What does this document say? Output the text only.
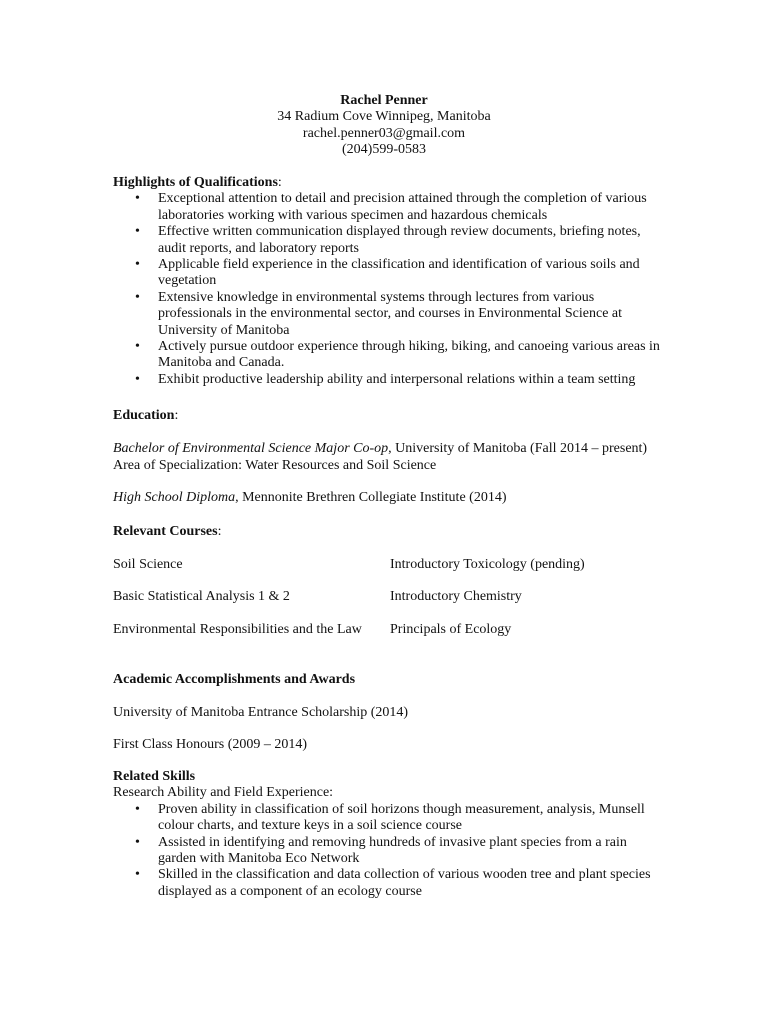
Rachel Penner
34 Radium Cove Winnipeg, Manitoba
rachel.penner03@gmail.com
(204)599-0583
Highlights of Qualifications:
• Exceptional attention to detail and precision attained through the completion of various laboratories working with various specimen and hazardous chemicals
• Effective written communication displayed through review documents, briefing notes, audit reports, and laboratory reports
• Applicable field experience in the classification and identification of various soils and vegetation
• Extensive knowledge in environmental systems through lectures from various professionals in the environmental sector, and courses in Environmental Science at University of Manitoba
• Actively pursue outdoor experience through hiking, biking, and canoeing various areas in Manitoba and Canada.
• Exhibit productive leadership ability and interpersonal relations within a team setting
Education:
Bachelor of Environmental Science Major Co-op, University of Manitoba (Fall 2014 – present)
Area of Specialization: Water Resources and Soil Science
High School Diploma, Mennonite Brethren Collegiate Institute (2014)
Relevant Courses:
Soil Science	Introductory Toxicology (pending)
Basic Statistical Analysis 1 & 2	Introductory Chemistry
Environmental Responsibilities and the Law Principals of Ecology
Academic Accomplishments and Awards
University of Manitoba Entrance Scholarship (2014)
First Class Honours (2009 – 2014)
Related Skills
Research Ability and Field Experience:
• Proven ability in classification of soil horizons though measurement, analysis, Munsell colour charts, and texture keys in a soil science course
• Assisted in identifying and removing hundreds of invasive plant species from a rain garden with Manitoba Eco Network
• Skilled in the classification and data collection of various wooden tree and plant species displayed as a component of an ecology course
